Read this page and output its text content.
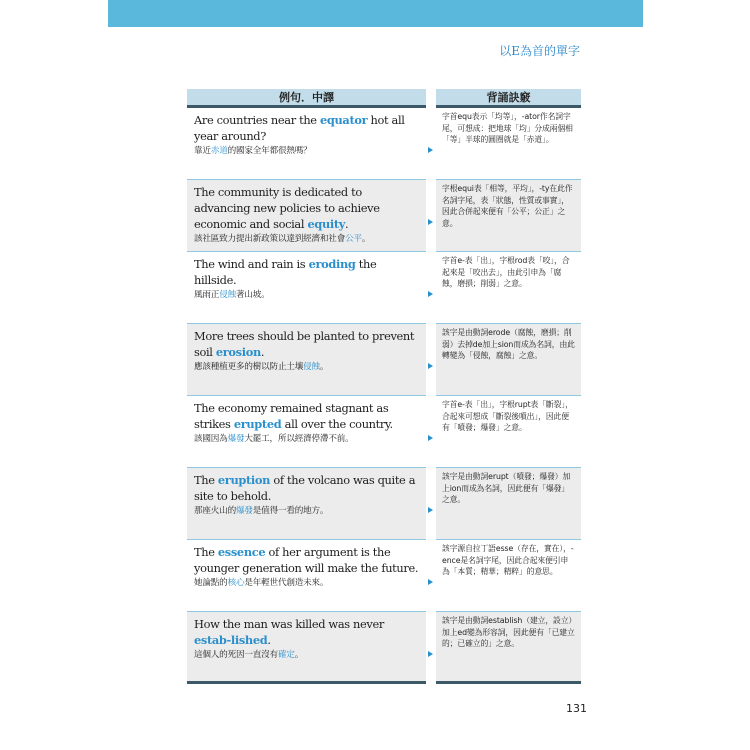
以E為首的單字
例句．中譯
Are countries near the equator hot all year around?
靠近赤道的國家全年都很熱嗎？
The community is dedicated to advancing new policies to achieve economic and social equity.
該社區致力提出新政策以達到經濟和社會公平。
The wind and rain is eroding the hillside.
風雨正侵蝕著山坡。
More trees should be planted to prevent soil erosion.
應該種植更多的樹以防止土壤侵蝕。
The economy remained stagnant as strikes erupted all over the country.
該國因為爆發大罷工，所以經濟停滯不前。
The eruption of the volcano was quite a site to behold.
那座火山的爆發是值得一看的地方。
The essence of her argument is the younger generation will make the future.
她論點的核心是年輕世代創造未來。
How the man was killed was never estab-lished.
這個人的死因一直沒有確定。
背誦訣竅
字首equ表示「均等」，-ator作名詞字尾，可想成：把地球「均」分成兩個相「等」半球的圓圈就是「赤道」。
字根equi表「相等，平均」，-ty在此作名詞字尾，表「狀態，性質或事實」，因此合併起來便有「公平；公正」之意。
字首e-表「出」，字根rod表「咬」，合起來是「咬出去」，由此引申為「腐蝕，磨損；削弱」之意。
該字是由動詞erode（腐蝕，磨損；削弱）去掉de加上sion而成為名詞，由此轉變為「侵蝕，腐蝕」之意。
字首e-表「出」，字根rupt表「斷裂」，合起來可想成「斷裂後噴出」，因此便有「噴發；爆發」之意。
該字是由動詞erupt（噴發；爆發）加上ion而成為名詞，因此便有「爆發」之意。
該字源自拉丁語esse（存在，實在），-ence是名詞字尾，因此合起來便引申為「本質；精華；精粹」的意思。
該字是由動詞establish（建立，設立）加上ed變為形容詞，因此便有「已建立的；已確立的」之意。
131
